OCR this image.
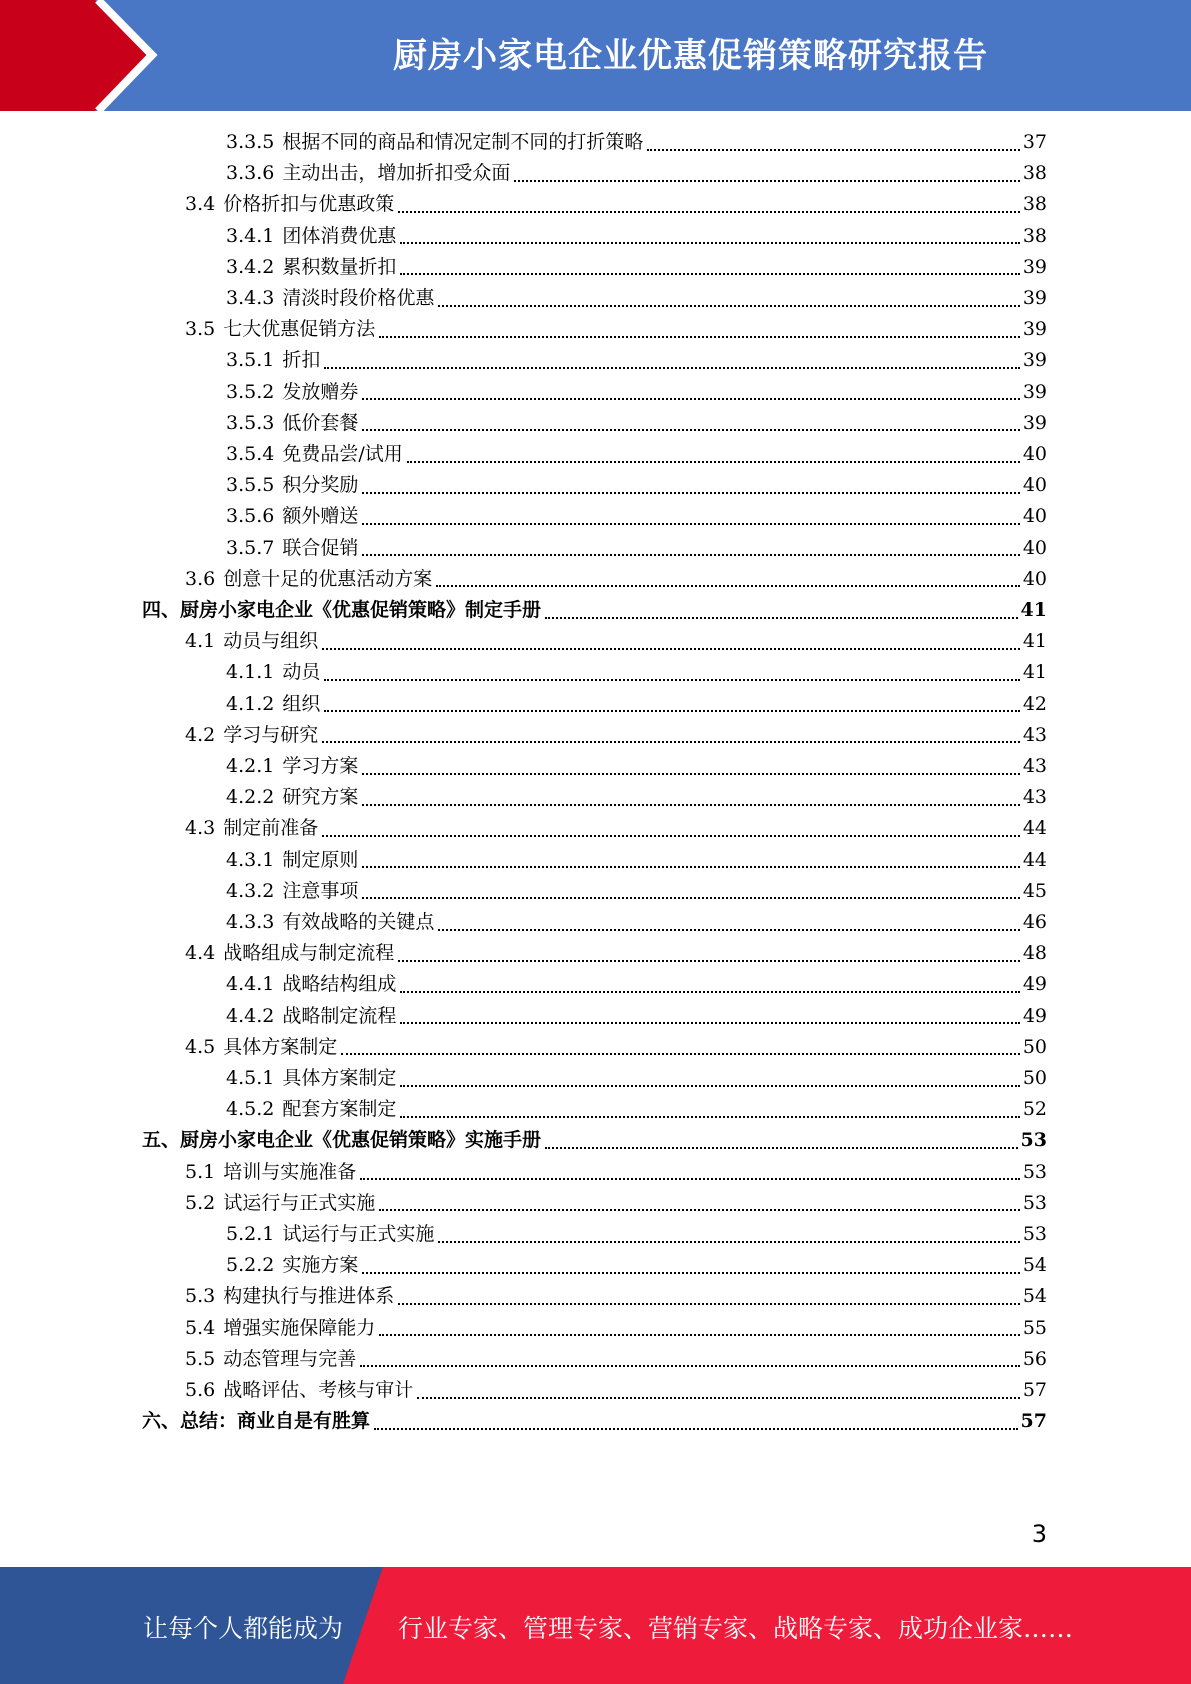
厨房小家电企业优惠促销策略研究报告
3.3.5 根据不同的商品和情况定制不同的打折策略	37
3.3.6 主动出击，增加折扣受众面	38
3.4 价格折扣与优惠政策	38
3.4.1 团体消费优惠	38
3.4.2 累积数量折扣	39
3.4.3 清淡时段价格优惠	39
3.5 七大优惠促销方法	39
3.5.1 折扣	39
3.5.2 发放赠券	39
3.5.3 低价套餐	39
3.5.4 免费品尝/试用	40
3.5.5 积分奖励	40
3.5.6 额外赠送	40
3.5.7 联合促销	40
3.6 创意十足的优惠活动方案	40
四、 厨房小家电企业《优惠促销策略》制定手册	41
4.1 动员与组织	41
4.1.1 动员	41
4.1.2 组织	42
4.2 学习与研究	43
4.2.1 学习方案	43
4.2.2 研究方案	43
4.3 制定前准备	44
4.3.1 制定原则	44
4.3.2 注意事项	45
4.3.3 有效战略的关键点	46
4.4 战略组成与制定流程	48
4.4.1 战略结构组成	49
4.4.2 战略制定流程	49
4.5 具体方案制定	50
4.5.1 具体方案制定	50
4.5.2 配套方案制定	52
五、 厨房小家电企业《优惠促销策略》实施手册	53
5.1 培训与实施准备	53
5.2 试运行与正式实施	53
5.2.1 试运行与正式实施	53
5.2.2 实施方案	54
5.3 构建执行与推进体系	54
5.4 增强实施保障能力	55
5.5 动态管理与完善	56
5.6 战略评估、考核与审计	57
六、 总结：商业自是有胜算	57
3
让每个人都能成为 行业专家、管理专家、营销专家、战略专家、成功企业家……
